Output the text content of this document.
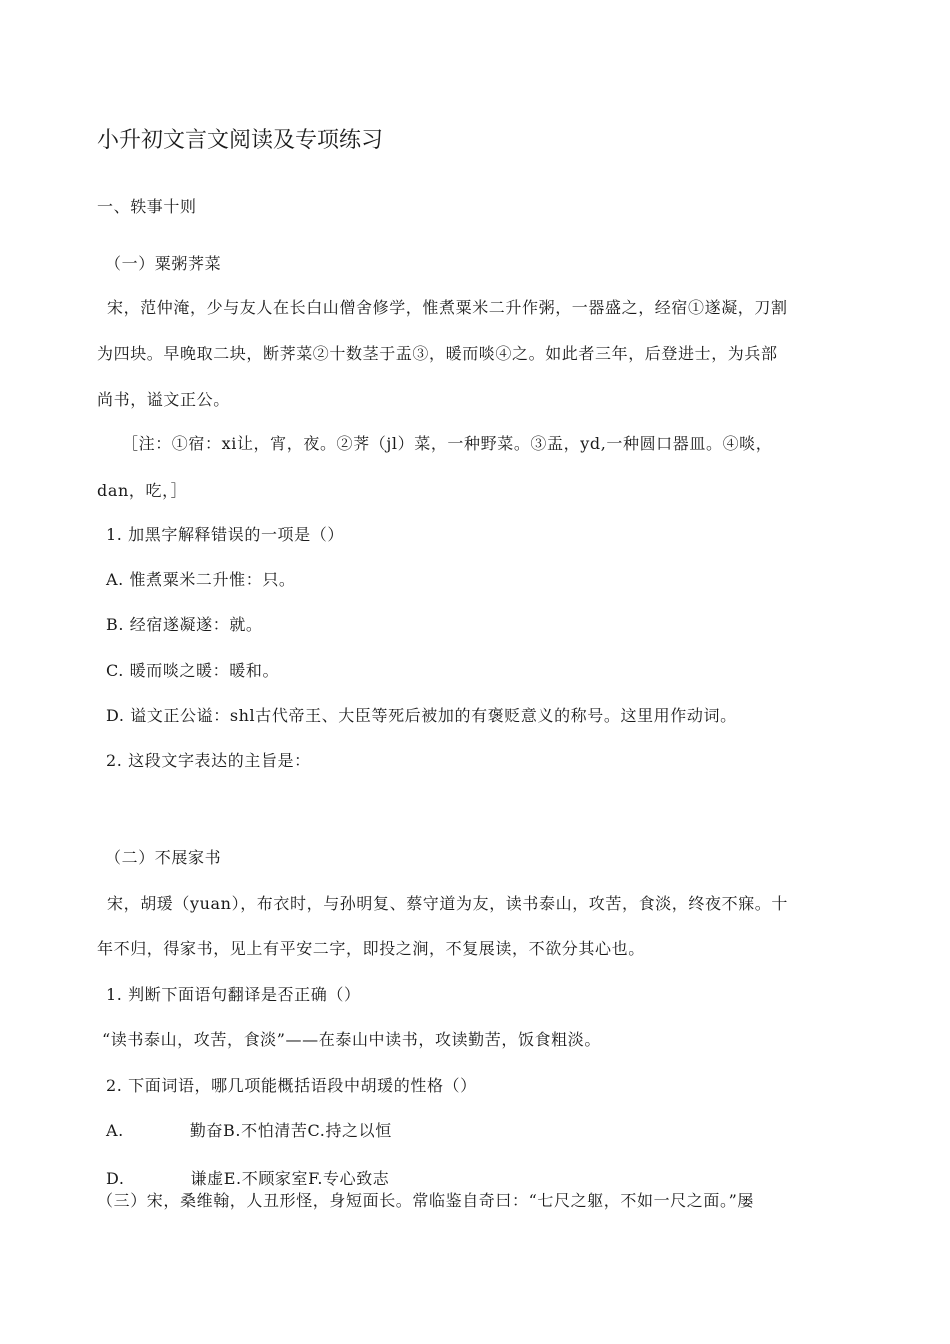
小升初文言文阅读及专项练习
一、轶事十则
（一）粟粥荠菜
宋，范仲淹，少与友人在长白山僧舍修学，惟煮粟米二升作粥，一器盛之，经宿①遂凝，刀割
为四块。早晚取二块，断荠菜②十数茎于盂③，暖而啖④之。如此者三年，后登进士，为兵部
尚书，谥文正公。
［注：①宿：xi让，宵，夜。②荠（jl）菜，一种野菜。③盂，yd,一种圆口器皿。④啖，
dan，吃，］
1. 加黑字解释错误的一项是（）
A. 惟煮粟米二升惟：只。
B. 经宿遂凝遂：就。
C. 暖而啖之暖：暖和。
D. 谥文正公谥：shl古代帝王、大臣等死后被加的有褒贬意义的称号。这里用作动词。
2. 这段文字表达的主旨是：
（二）不展家书
宋，胡瑗（yuan），布衣时，与孙明复、蔡守道为友，读书泰山，攻苦，食淡，终夜不寐。十
年不归，得家书，见上有平安二字，即投之涧，不复展读，不欲分其心也。
1. 判断下面语句翻译是否正确（）
“读书泰山，攻苦，食淡”——在泰山中读书，攻读勤苦，饭食粗淡。
2. 下面词语，哪几项能概括语段中胡瑗的性格（）
A.	勤奋B.不怕清苦C.持之以恒
D.	谦虚E.不顾家室F.专心致志
（三）宋，桑维翰，人丑形怪，身短面长。常临鉴自奇曰：“七尺之躯，不如一尺之面。”屡
